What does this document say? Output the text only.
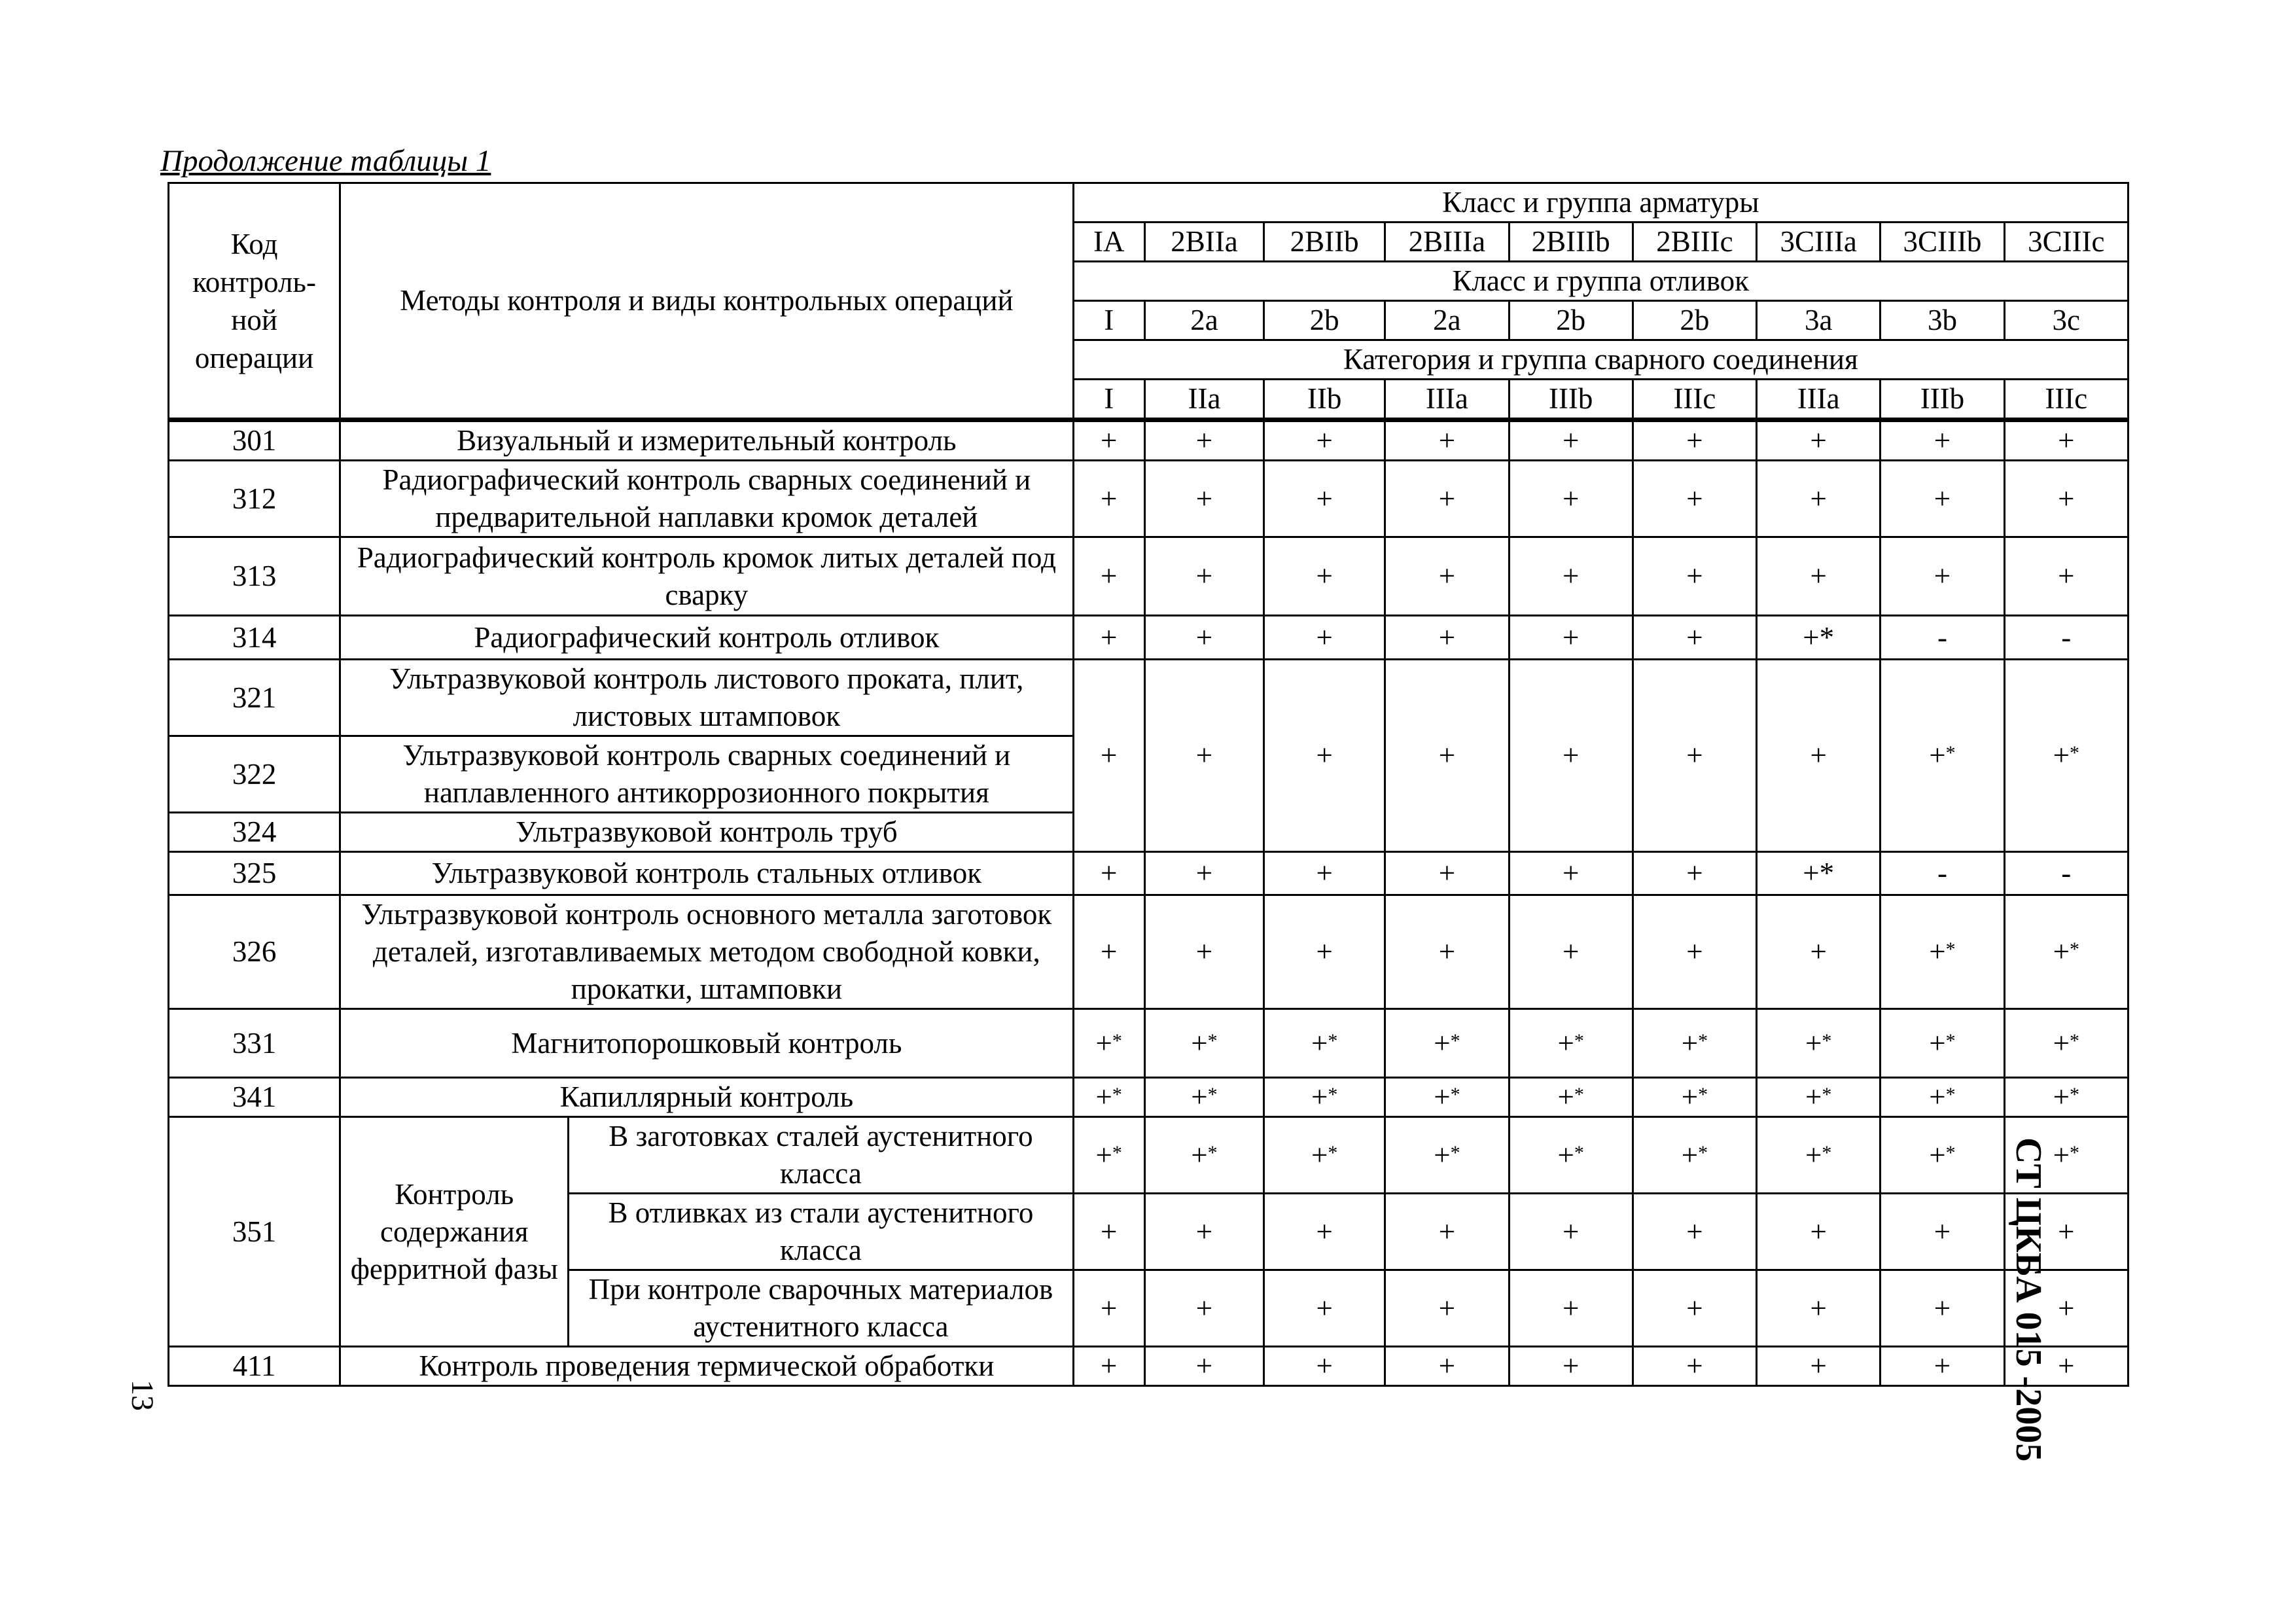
Продолжение таблицы 1
Код контроль-ной операции	Методы контроля и виды контрольных операций		Класс и группа арматуры								
			IA	2BIIa	2BIIb	2BIIIa	2BIIIb	2BIIIc	3CIIIa	3CIIIb	3CIIIc
			Класс и группа отливок								
			I	2a	2b	2a	2b	2b	3a	3b	3c
			Категория и группа сварного соединения								
			I	IIa	IIb	IIIa	IIIb	IIIc	IIIa	IIIb	IIIc
301	Визуальный и измерительный контроль		+	+	+	+	+	+	+	+	+
312	Радиографический контроль сварных соединений и предварительной наплавки кромок деталей		+	+	+	+	+	+	+	+	+
313	Радиографический контроль кромок литых деталей под сварку		+	+	+	+	+	+	+	+	+
314	Радиографический контроль отливок		+	+	+	+	+	+	+*	-	-
321	Ультразвуковой контроль листового проката, плит, листовых штамповок		+	+	+	+	+	+	+	+*	+*
322	Ультразвуковой контроль сварных соединений и наплавленного антикоррозионного покрытия										
324	Ультразвуковой контроль труб										
325	Ультразвуковой контроль стальных отливок		+	+	+	+	+	+	+*	-	-
326	Ультразвуковой контроль основного металла заготовок деталей, изготавливаемых методом свободной ковки, прокатки, штамповки		+	+	+	+	+	+	+	+*	+*
331	Магнитопорошковый контроль		+*	+*	+*	+*	+*	+*	+*	+*	+*
341	Капиллярный контроль		+*	+*	+*	+*	+*	+*	+*	+*	+*
351	Контроль содержания ферритной фазы	В заготовках сталей аустенитного класса	+*	+*	+*	+*	+*	+*	+*	+*	+*
		В отливках из стали аустенитного класса	+	+	+	+	+	+	+	+	+
		При контроле сварочных материалов аустенитного класса	+	+	+	+	+	+	+	+	+
411	Контроль проведения термической обработки		+	+	+	+	+	+	+	+	+
СТ ЦКБА 015 -2005
13
